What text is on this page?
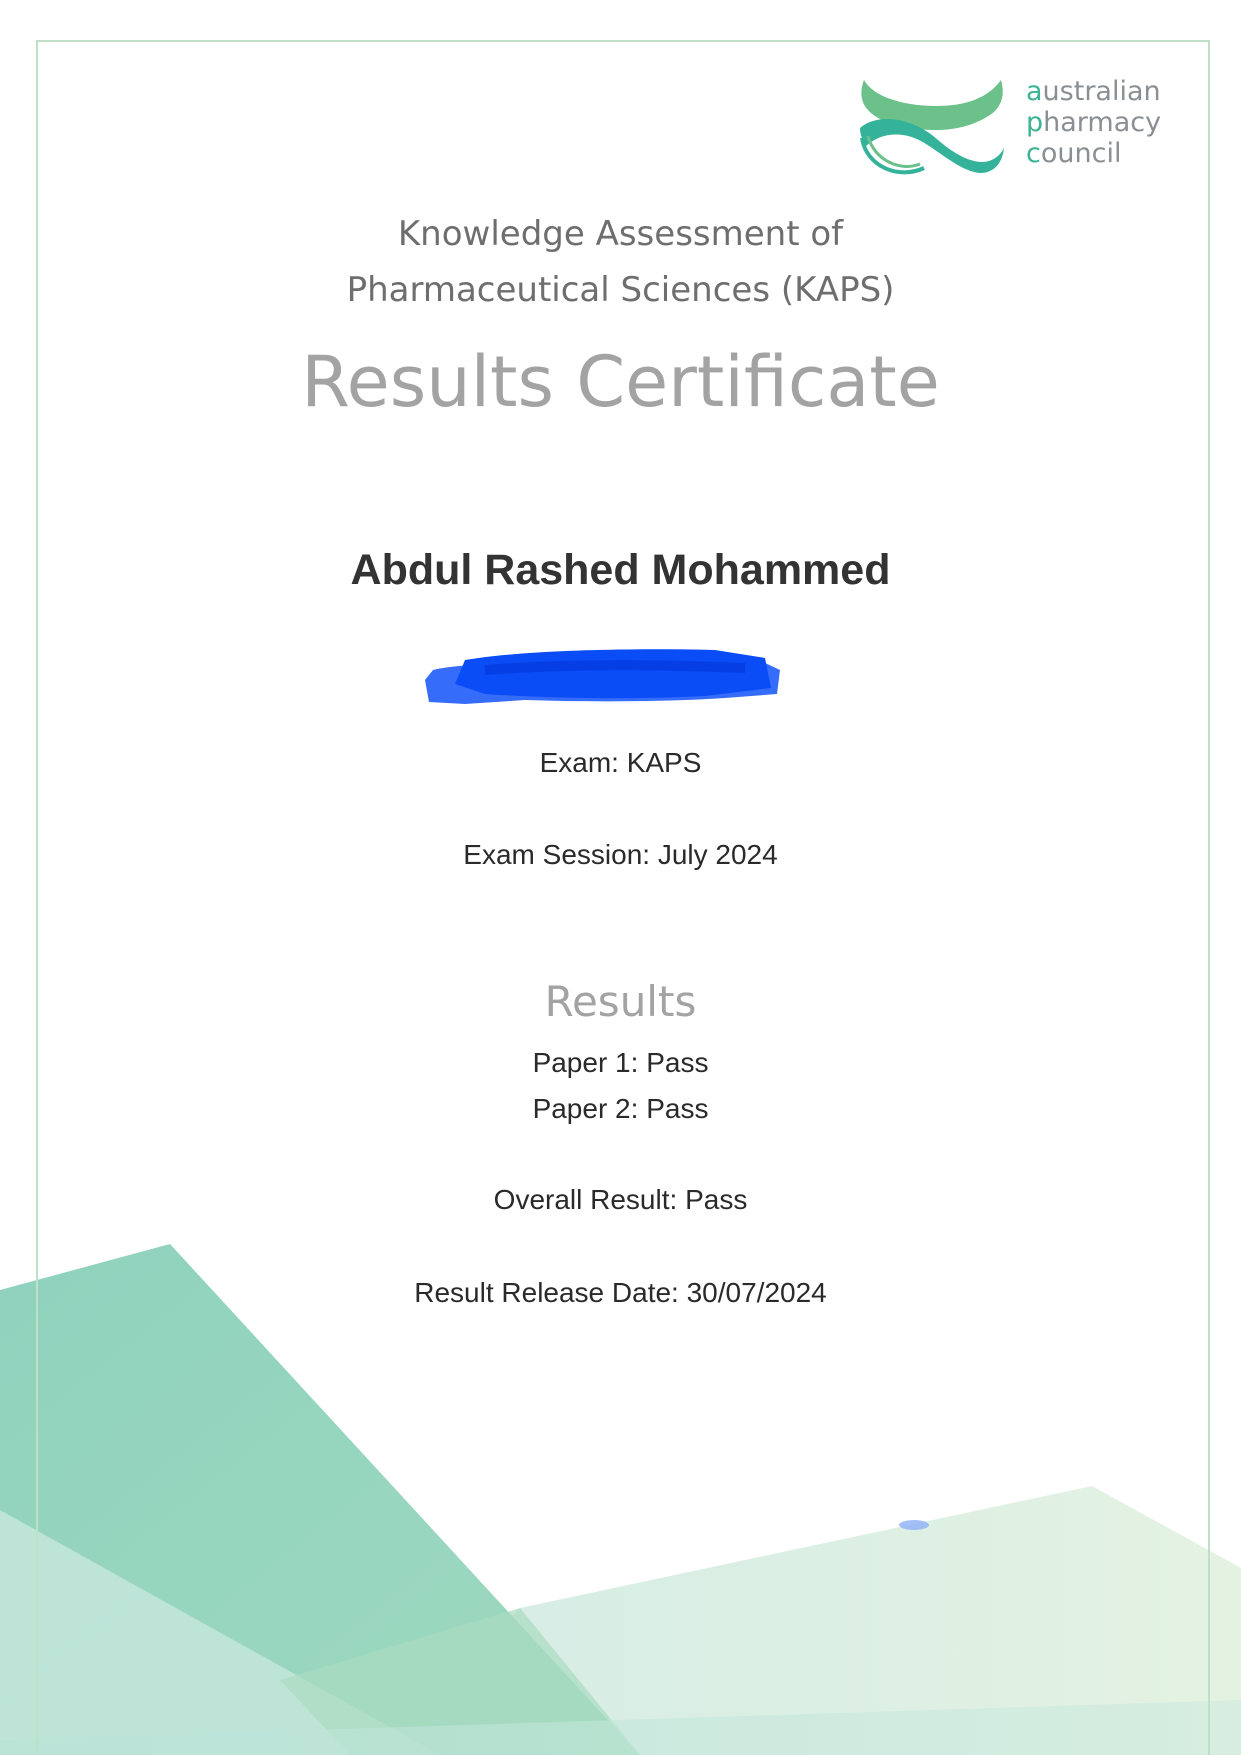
australian
pharmacy
council
Knowledge Assessment of
Pharmaceutical Sciences (KAPS)
Results Certificate
Abdul Rashed Mohammed
Exam: KAPS
Exam Session: July 2024
Results
Paper 1: Pass
Paper 2: Pass
Overall Result: Pass
Result Release Date: 30/07/2024
